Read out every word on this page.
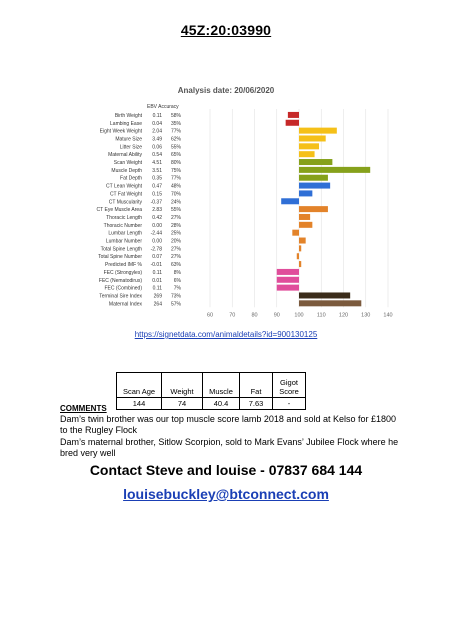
45Z:20:03990
Analysis date: 20/06/2020
60	70	80	90	100 110 120 130 140
EBV Accuracy
Birth Weight 0.11 58%
Lambing Ease 0.04 35%
Eight Week Weight 2.04 77%
Mature Size 3.49 62%
Litter Size 0.06 55%
Maternal Ability 0.54 65%
Scan Weight 4.51 80%
Muscle Depth 3.51 75%
Fat Depth 0.35 77%
CT Lean Weight 0.47 48%
CT Fat Weight 0.15 70%
CT Muscularity -0.37 24%
CT Eye Muscle Area 2.83 55%
Thoracic Length 0.42 27%
Thoracic Number 0.00 28%
Lumbar Length -2.44 25%
Lumbar Number 0.00 20%
Total Spine Length -2.78 27%
Total Spine Number 0.07 27%
Predicted IMF % -0.01 63%
FEC (Strongyles) 0.11 8%
FEC (Nematodirus) 0.01 6%
FEC (Combined) 0.11 7%
Terminal Sire Index 269 73%
Maternal Index 264 57%
https://signetdata.com/animaldetails?id=900130125
Scan Age	Weight	Muscle	Fat	Gigot Score
144	74	40.4	7.63	-
COMMENTS
Dam’s twin brother was our top muscle score lamb 2018 and sold at Kelso for £1800 to the Rugley Flock
Dam’s maternal brother, Sitlow Scorpion, sold to Mark Evans’ Jubilee Flock where he bred very well
Contact Steve and louise - 07837 684 144
louisebuckley@btconnect.com
